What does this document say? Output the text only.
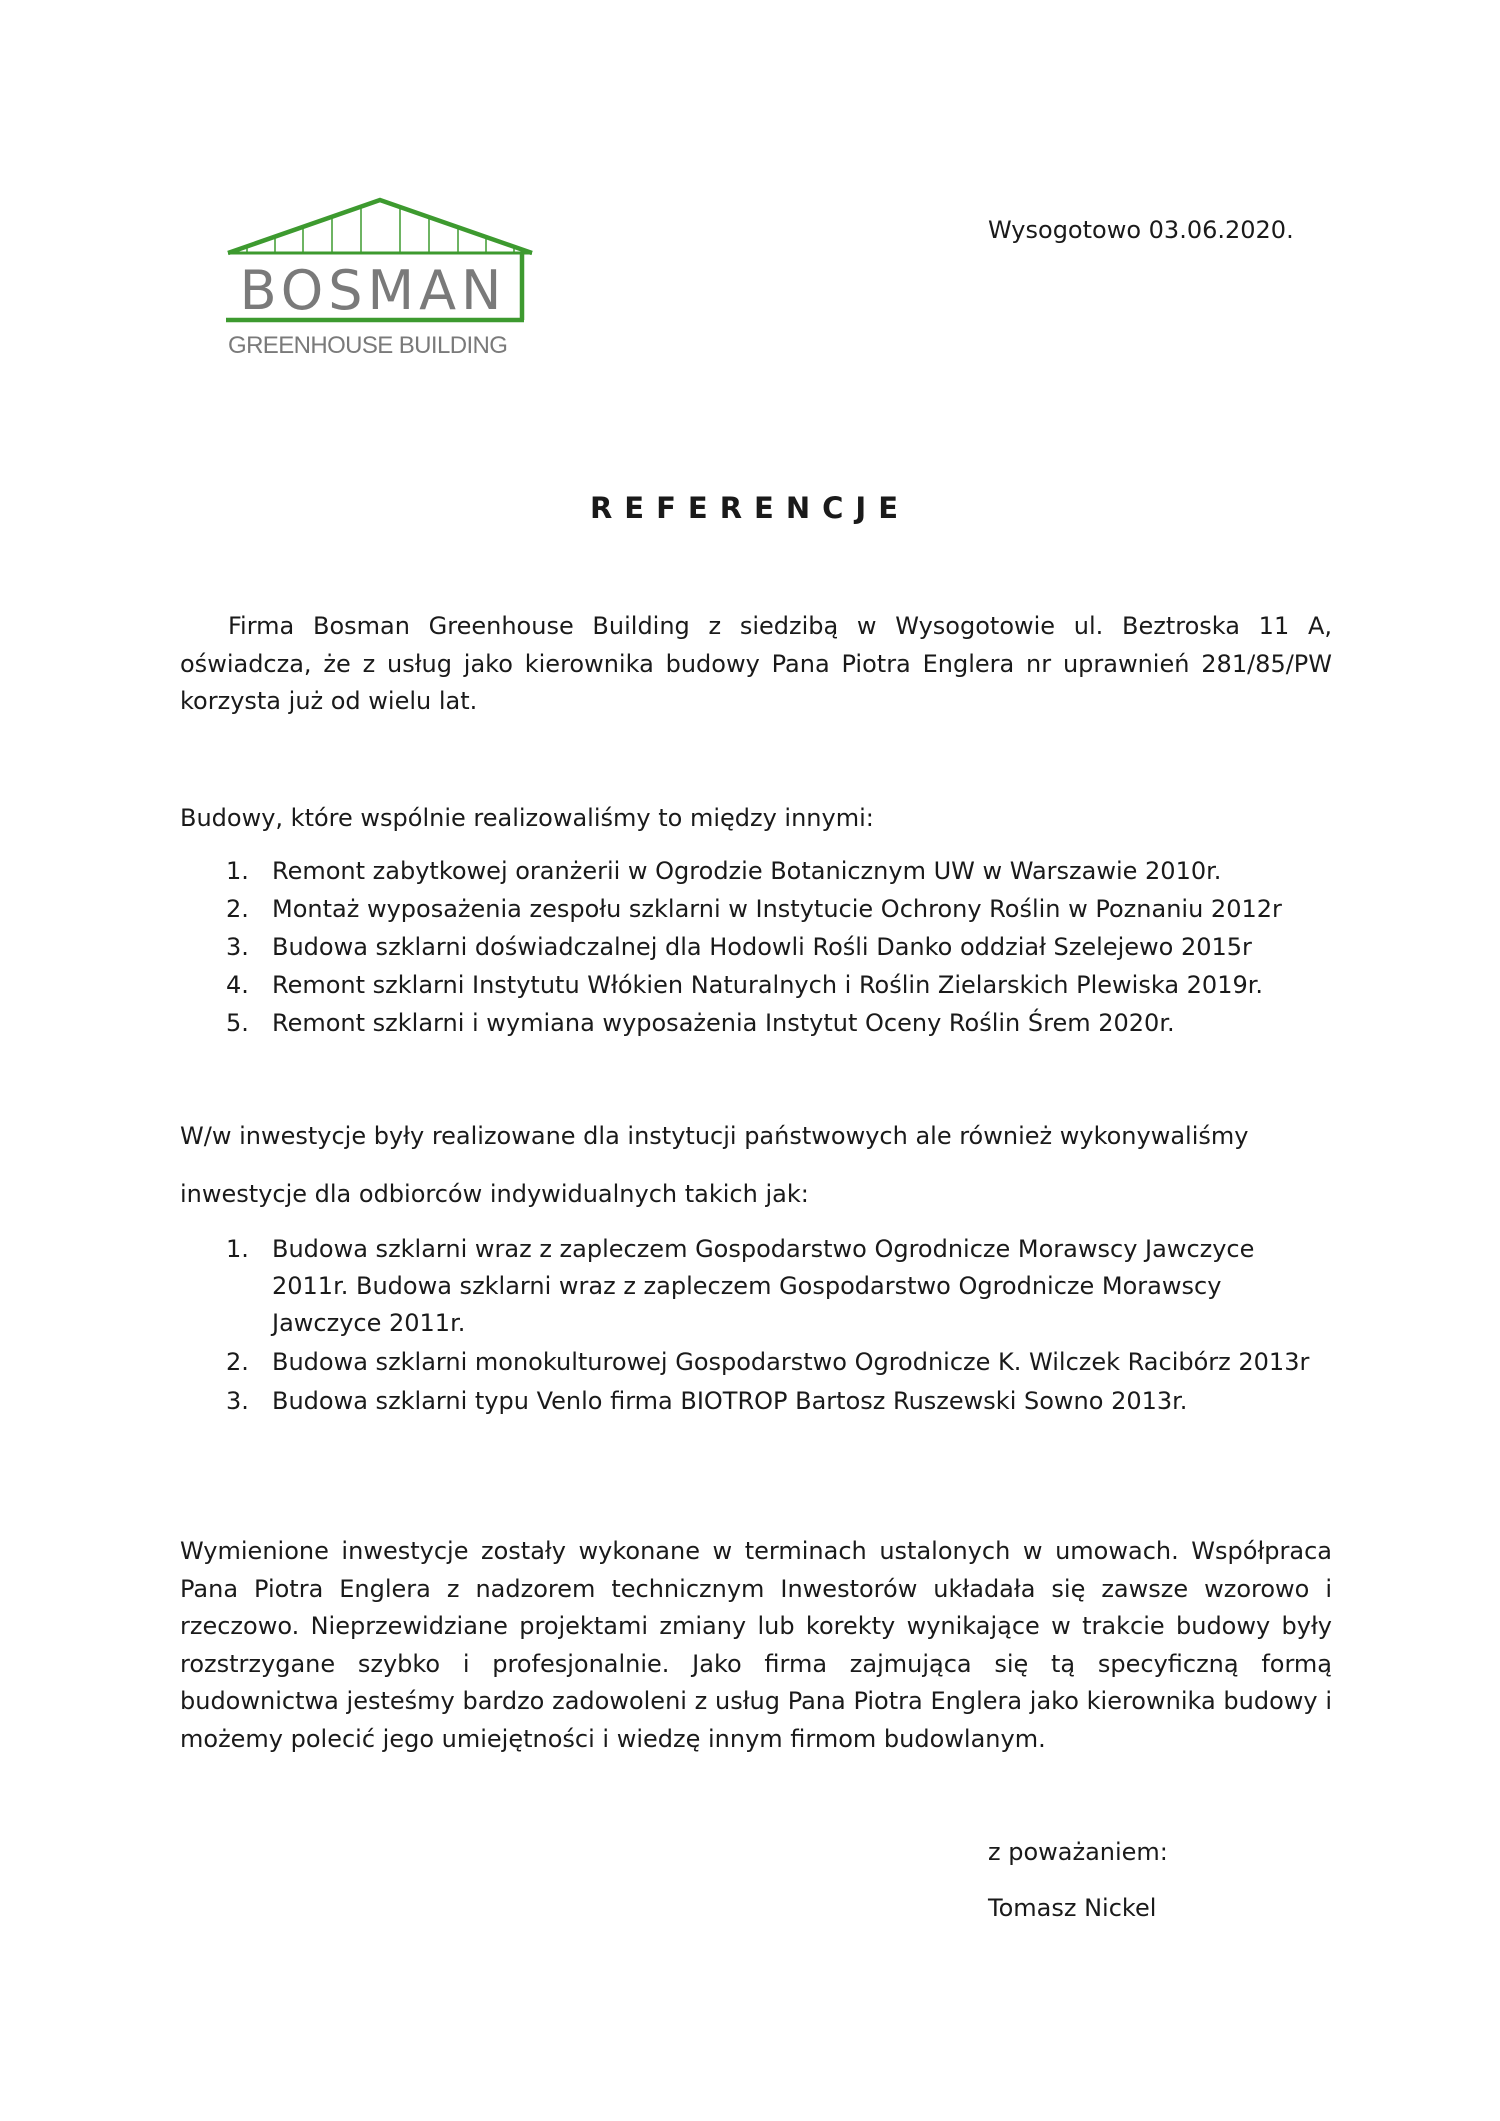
BOSMAN
GREENHOUSE BUILDING
Wysogotowo 03.06.2020.
REFERENCJE

Firma Bosman Greenhouse Building z siedzibą w Wysogotowie ul. Beztroska 11 A, oświadcza, że z usług jako kierownika budowy Pana Piotra Englera nr uprawnień 281/85/PW korzysta już od wielu lat.

Budowy, które wspólnie realizowaliśmy to między innymi:
1. Remont zabytkowej oranżerii w Ogrodzie Botanicznym UW w Warszawie 2010r.
2. Montaż wyposażenia zespołu szklarni w Instytucie Ochrony Roślin w Poznaniu 2012r
3. Budowa szklarni doświadczalnej dla Hodowli Rośli Danko oddział Szelejewo 2015r
4. Remont szklarni Instytutu Włókien Naturalnych i Roślin Zielarskich Plewiska 2019r.
5. Remont szklarni i wymiana wyposażenia Instytut Oceny Roślin Śrem 2020r.
W/w inwestycje były realizowane dla instytucji państwowych ale również wykonywaliśmy
inwestycje dla odbiorców indywidualnych takich jak:
1. Budowa szklarni wraz z zapleczem Gospodarstwo Ogrodnicze Morawscy Jawczyce 2011r. Budowa szklarni wraz z zapleczem Gospodarstwo Ogrodnicze Morawscy Jawczyce 2011r.
2. Budowa szklarni monokulturowej Gospodarstwo Ogrodnicze K. Wilczek Racibórz 2013r
3. Budowa szklarni typu Venlo firma BIOTROP Bartosz Ruszewski Sowno 2013r.

Wymienione inwestycje zostały wykonane w terminach ustalonych w umowach. Współpraca Pana Piotra Englera z nadzorem technicznym Inwestorów układała się zawsze wzorowo i rzeczowo. Nieprzewidziane projektami zmiany lub korekty wynikające w trakcie budowy były rozstrzygane szybko i profesjonalnie. Jako firma zajmująca się tą specyficzną formą budownictwa jesteśmy bardzo zadowoleni z usług Pana Piotra Englera jako kierownika budowy i możemy polecić jego umiejętności i wiedzę innym firmom budowlanym.

z poważaniem:
Tomasz Nickel
